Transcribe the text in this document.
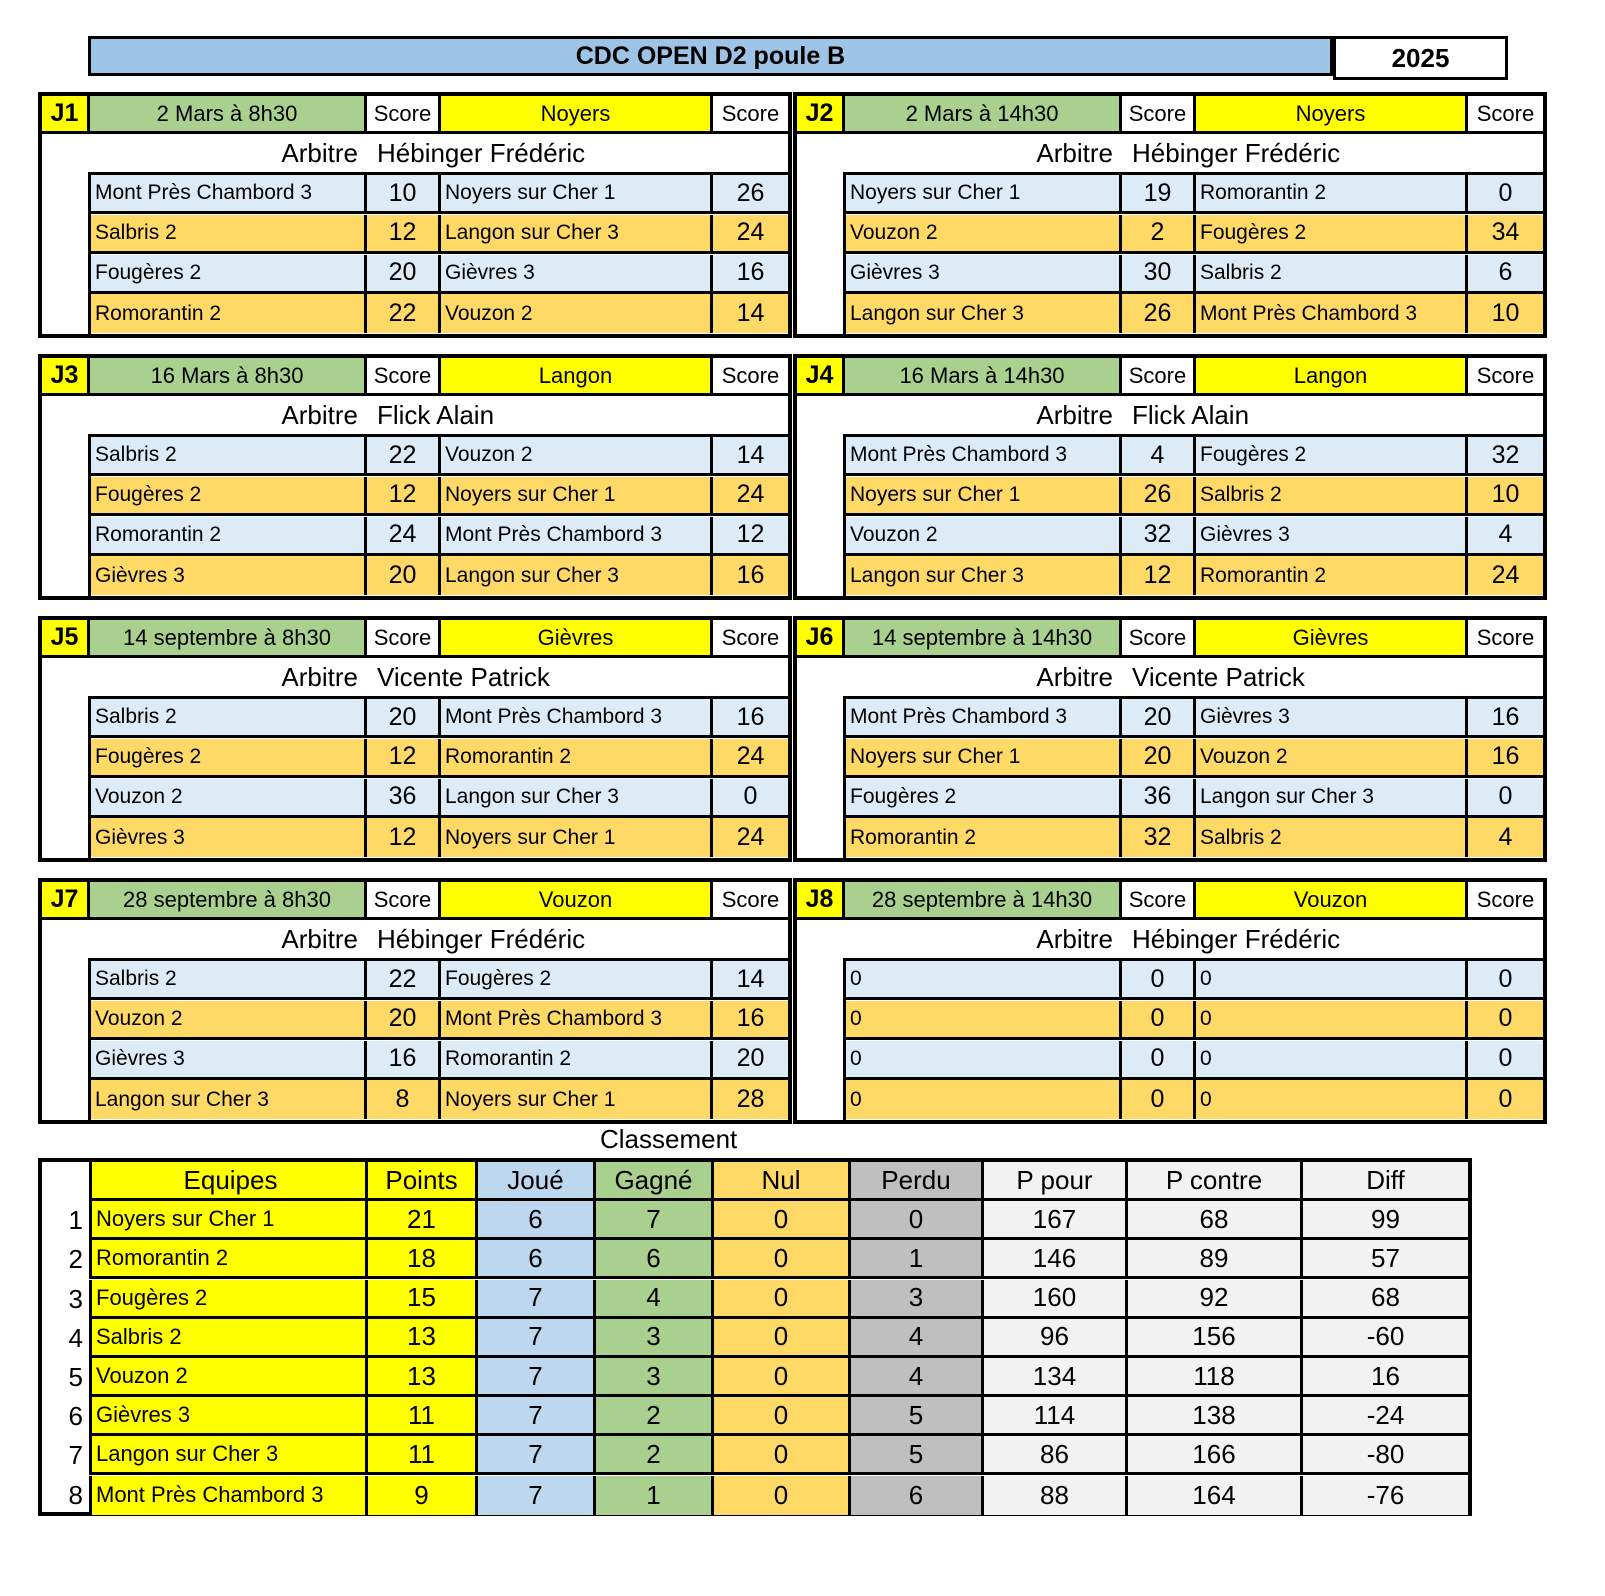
CDC OPEN D2 poule B	2025
J1	2 Mars à 8h30	Score	Noyers	Score
Arbitre Hébinger Frédéric
Mont Près Chambord 3	10	Noyers sur Cher 1	26
Salbris 2	12	Langon sur Cher 3	24
Fougères 2	20	Gièvres 3	16
Romorantin 2	22	Vouzon 2	14
J2	2 Mars à 14h30	Score	Noyers	Score
Arbitre Hébinger Frédéric
Noyers sur Cher 1	19	Romorantin 2	0
Vouzon 2	2	Fougères 2	34
Gièvres 3	30	Salbris 2	6
Langon sur Cher 3	26	Mont Près Chambord 3	10
J3	16 Mars à 8h30	Score	Langon	Score
Arbitre Flick Alain
Salbris 2	22	Vouzon 2	14
Fougères 2	12	Noyers sur Cher 1	24
Romorantin 2	24	Mont Près Chambord 3	12
Gièvres 3	20	Langon sur Cher 3	16
J4	16 Mars à 14h30	Score	Langon	Score
Arbitre Flick Alain
Mont Près Chambord 3	4	Fougères 2	32
Noyers sur Cher 1	26	Salbris 2	10
Vouzon 2	32	Gièvres 3	4
Langon sur Cher 3	12	Romorantin 2	24
J5	14 septembre à 8h30	Score	Gièvres	Score
Arbitre Vicente Patrick
Salbris 2	20	Mont Près Chambord 3	16
Fougères 2	12	Romorantin 2	24
Vouzon 2	36	Langon sur Cher 3	0
Gièvres 3	12	Noyers sur Cher 1	24
J6	14 septembre à 14h30	Score	Gièvres	Score
Arbitre Vicente Patrick
Mont Près Chambord 3	20	Gièvres 3	16
Noyers sur Cher 1	20	Vouzon 2	16
Fougères 2	36	Langon sur Cher 3	0
Romorantin 2	32	Salbris 2	4
J7	28 septembre à 8h30	Score	Vouzon	Score
Arbitre Hébinger Frédéric
Salbris 2	22	Fougères 2	14
Vouzon 2	20	Mont Près Chambord 3	16
Gièvres 3	16	Romorantin 2	20
Langon sur Cher 3	8	Noyers sur Cher 1	28
J8	28 septembre à 14h30	Score	Vouzon	Score
Arbitre Hébinger Frédéric
0	0	0	0
0	0	0	0
0	0	0	0
0	0	0	0
Classement
Equipes	Points	Joué	Gagné	Nul	Perdu	P pour	P contre	Diff
1 Noyers sur Cher 1	21	6	7	0	0	167	68	99
2 Romorantin 2	18	6	6	0	1	146	89	57
3 Fougères 2	15	7	4	0	3	160	92	68
4 Salbris 2	13	7	3	0	4	96	156	-60
5 Vouzon 2	13	7	3	0	4	134	118	16
6 Gièvres 3	11	7	2	0	5	114	138	-24
7 Langon sur Cher 3	11	7	2	0	5	86	166	-80
8 Mont Près Chambord 3	9	7	1	0	6	88	164	-76
